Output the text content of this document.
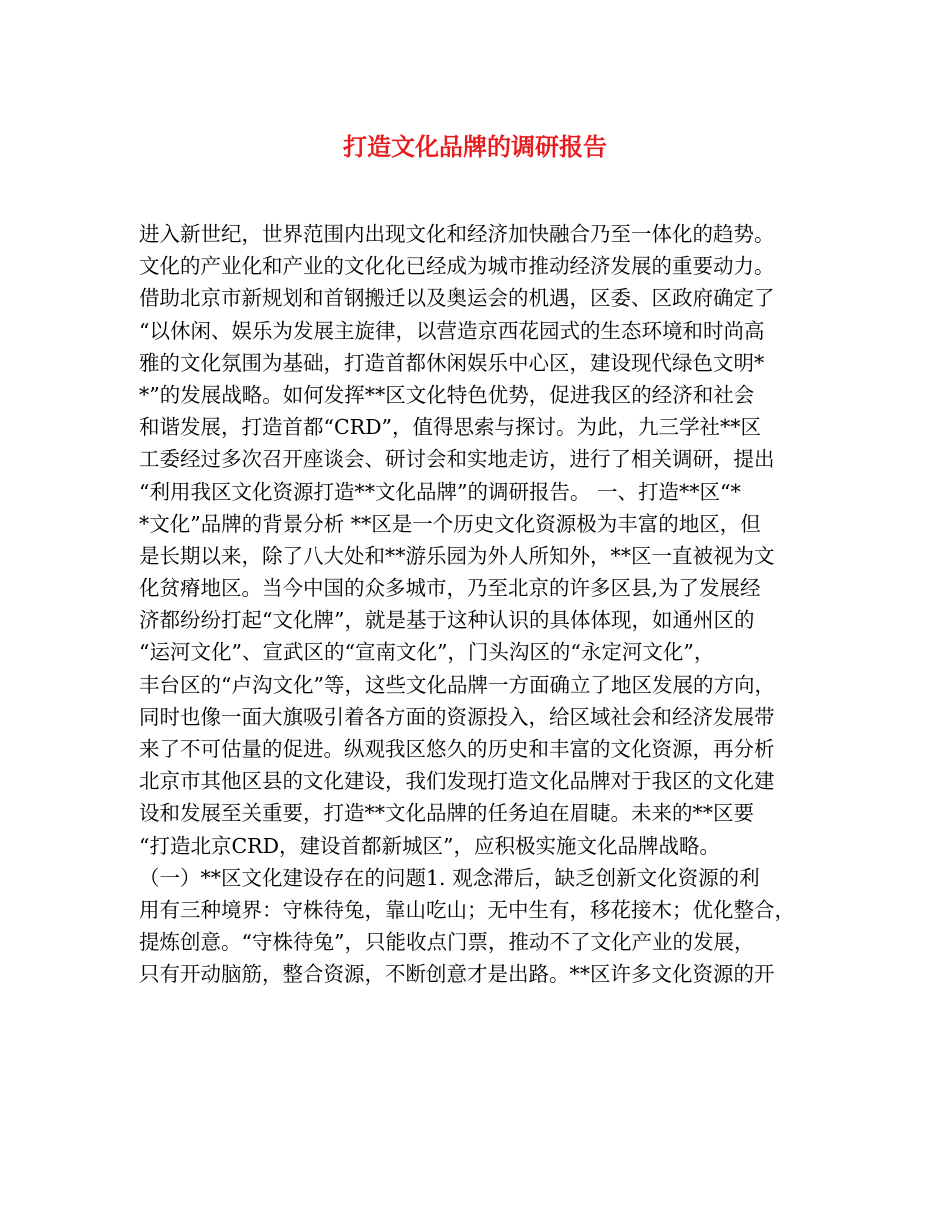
打造文化品牌的调研报告
进入新世纪，世界范围内出现文化和经济加快融合乃至一体化的趋势。
文化的产业化和产业的文化化已经成为城市推动经济发展的重要动力。
借助北京市新规划和首钢搬迁以及奥运会的机遇，区委、区政府确定了
“以休闲、娱乐为发展主旋律，以营造京西花园式的生态环境和时尚高
雅的文化氛围为基础，打造首都休闲娱乐中心区，建设现代绿色文明*
*”的发展战略。如何发挥**区文化特色优势，促进我区的经济和社会
和谐发展，打造首都“CRD”，值得思索与探讨。为此，九三学社**区
工委经过多次召开座谈会、研讨会和实地走访，进行了相关调研，提出
“利用我区文化资源打造**文化品牌”的调研报告。 一、打造**区“*
*文化”品牌的背景分析 **区是一个历史文化资源极为丰富的地区，但
是长期以来，除了八大处和**游乐园为外人所知外，**区一直被视为文
化贫瘠地区。当今中国的众多城市，乃至北京的许多区县,为了发展经
济都纷纷打起“文化牌”，就是基于这种认识的具体体现，如通州区的
“运河文化”、宣武区的“宣南文化”，门头沟区的“永定河文化”，
丰台区的“卢沟文化”等，这些文化品牌一方面确立了地区发展的方向，
同时也像一面大旗吸引着各方面的资源投入，给区域社会和经济发展带
来了不可估量的促进。纵观我区悠久的历史和丰富的文化资源，再分析
北京市其他区县的文化建设，我们发现打造文化品牌对于我区的文化建
设和发展至关重要，打造**文化品牌的任务迫在眉睫。未来的**区要
“打造北京CRD，建设首都新城区”，应积极实施文化品牌战略。
（一）**区文化建设存在的问题1. 观念滞后，缺乏创新文化资源的利
用有三种境界：守株待兔，靠山吃山；无中生有，移花接木；优化整合，
提炼创意。“守株待兔”，只能收点门票，推动不了文化产业的发展，
只有开动脑筋，整合资源，不断创意才是出路。**区许多文化资源的开
